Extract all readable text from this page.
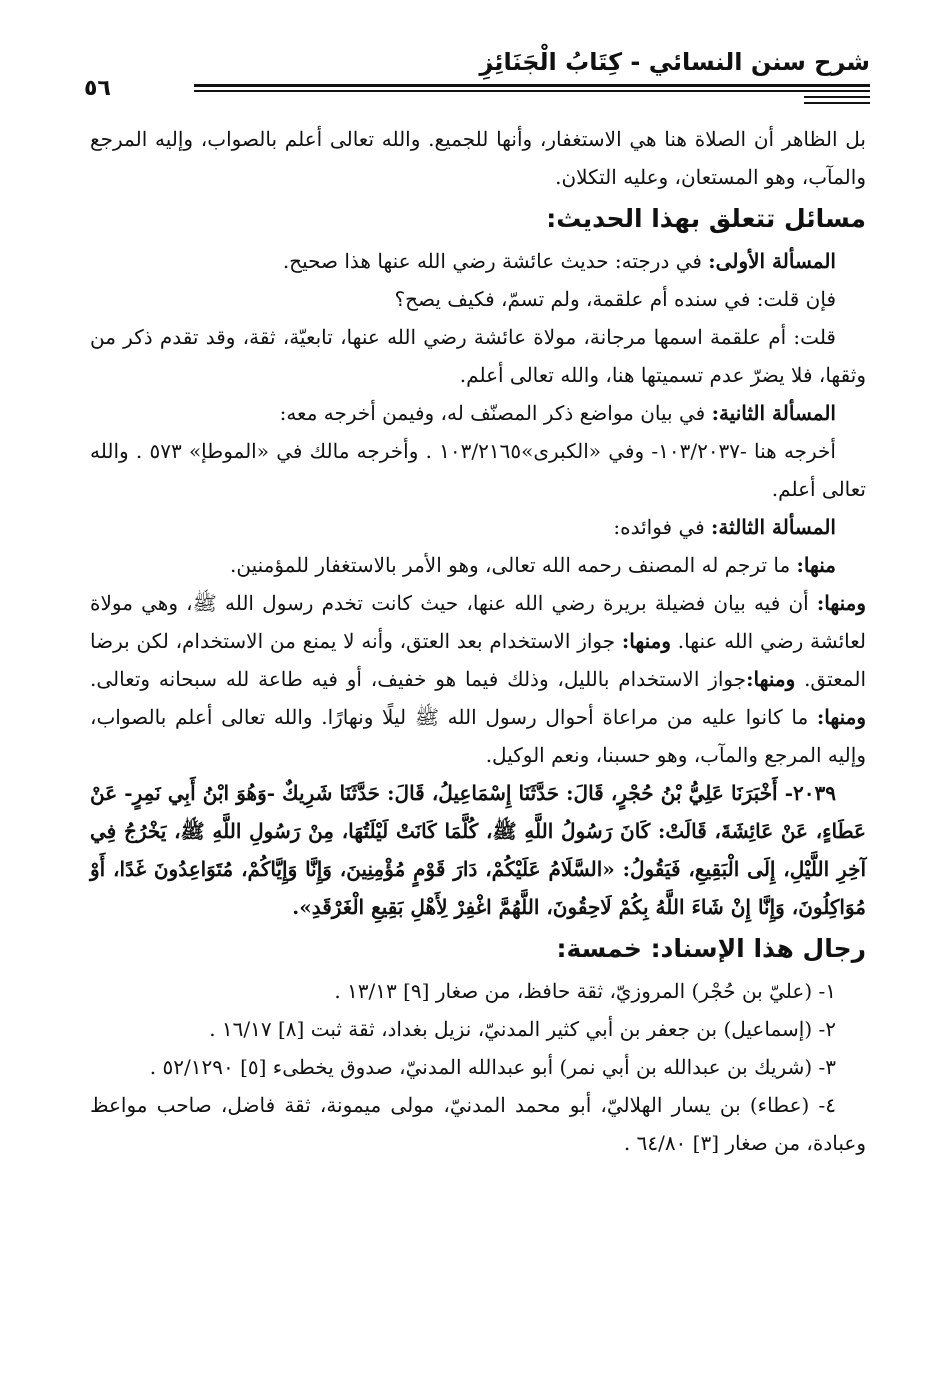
شرح سنن النسائي - كِتَابُ الْجَنَائِزِ
٥٦

بل الظاهر أن الصلاة هنا هي الاستغفار، وأنها للجميع. والله تعالى أعلم بالصواب، وإليه المرجع والمآب، وهو المستعان، وعليه التكلان.

مسائل تتعلق بهذا الحديث:

المسألة الأولى: في درجته: حديث عائشة رضي الله عنها هذا صحيح.

فإن قلت: في سنده أم علقمة، ولم تسمّ، فكيف يصح؟

قلت: أم علقمة اسمها مرجانة، مولاة عائشة رضي الله عنها، تابعيّة، ثقة، وقد تقدم ذكر من وثقها، فلا يضرّ عدم تسميتها هنا، والله تعالى أعلم.

المسألة الثانية: في بيان مواضع ذكر المصنّف له، وفيمن أخرجه معه:

أخرجه هنا -١٠٣/٢٠٣٧- وفي «الكبرى»١٠٣/٢١٦٥ . وأخرجه مالك في «الموطإ» ٥٧٣ . والله تعالى أعلم.

المسألة الثالثة: في فوائده:

منها: ما ترجم له المصنف رحمه الله تعالى، وهو الأمر بالاستغفار للمؤمنين.

ومنها: أن فيه بيان فضيلة بريرة رضي الله عنها، حيث كانت تخدم رسول الله ﷺ، وهي مولاة لعائشة رضي الله عنها. ومنها: جواز الاستخدام بعد العتق، وأنه لا يمنع من الاستخدام، لكن برضا المعتق. ومنها:جواز الاستخدام بالليل، وذلك فيما هو خفيف، أو فيه طاعة لله سبحانه وتعالى. ومنها: ما كانوا عليه من مراعاة أحوال رسول الله ﷺ ليلًا ونهارًا. والله تعالى أعلم بالصواب، وإليه المرجع والمآب، وهو حسبنا، ونعم الوكيل.

٢٠٣٩- أَخْبَرَنَا عَلِيُّ بْنُ حُجْرٍ، قَالَ: حَدَّثَنَا إِسْمَاعِيلُ، قَالَ: حَدَّثَنَا شَرِيكٌ -وَهُوَ ابْنُ أَبِي نَمِرٍ- عَنْ عَطَاءٍ، عَنْ عَائِشَةَ، قَالَتْ: كَانَ رَسُولُ اللَّهِ ﷺ، كُلَّمَا كَانَتْ لَيْلَتُهَا، مِنْ رَسُولِ اللَّهِ ﷺ، يَخْرُجُ فِي آخِرِ اللَّيْلِ، إِلَى الْبَقِيعِ، فَيَقُولُ: «السَّلَامُ عَلَيْكُمْ، دَارَ قَوْمٍ مُؤْمِنِينَ، وَإِنَّا وَإِيَّاكُمْ، مُتَوَاعِدُونَ غَدًا، أَوْ مُوَاكِلُونَ، وَإِنَّا إِنْ شَاءَ اللَّهُ بِكُمْ لَاحِقُونَ، اللَّهُمَّ اغْفِرْ لِأَهْلِ بَقِيعِ الْغَرْقَدِ».

رجال هذا الإسناد: خمسة:

١- (عليّ بن حُجْر) المروزيّ، ثقة حافظ، من صغار [٩] ١٣/١٣ .

٢- (إسماعيل) بن جعفر بن أبي كثير المدنيّ، نزيل بغداد، ثقة ثبت [٨] ١٦/١٧ .

٣- (شريك بن عبدالله بن أبي نمر) أبو عبدالله المدنيّ، صدوق يخطىء [٥] ٥٢/١٢٩٠ .

٤- (عطاء) بن يسار الهلاليّ، أبو محمد المدنيّ، مولى ميمونة، ثقة فاضل، صاحب مواعظ وعبادة، من صغار [٣] ٦٤/٨٠ .
